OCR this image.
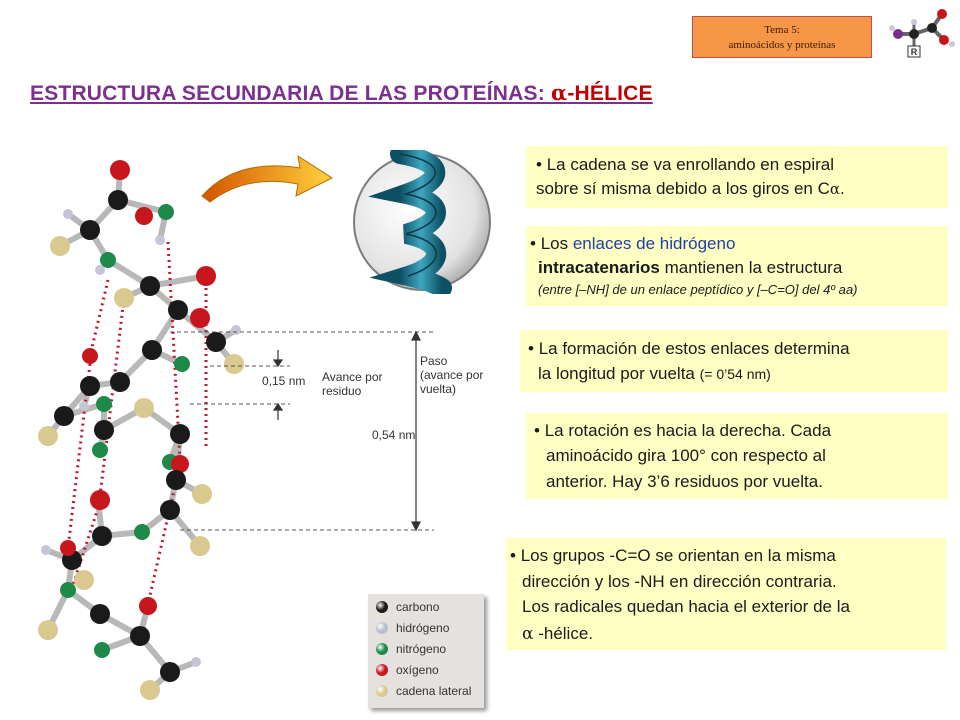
Tema 5:
aminoácidos y proteínas
R
ESTRUCTURA SECUNDARIA DE LAS PROTEÍNAS: α-HÉLICE
0,15 nm Avance por
residuo
Paso
(avance por
vuelta)
0,54 nm
carbono
hidrógeno
nitrógeno
oxígeno
cadena lateral
• La cadena se va enrollando en espiral
sobre sí misma debido a los giros en Cα.
• Los enlaces de hidrógeno
intracatenarios mantienen la estructura
(entre [–NH] de un enlace peptídico y [–C=O] del 4º aa)
• La formación de estos enlaces determina
la longitud por vuelta (= 0’54 nm)
• La rotación es hacia la derecha. Cada
aminoácido gira 100° con respecto al
anterior. Hay 3’6 residuos por vuelta.
• Los grupos -C=O se orientan en la misma
dirección y los -NH en dirección contraria.
Los radicales quedan hacia el exterior de la
α -hélice.
